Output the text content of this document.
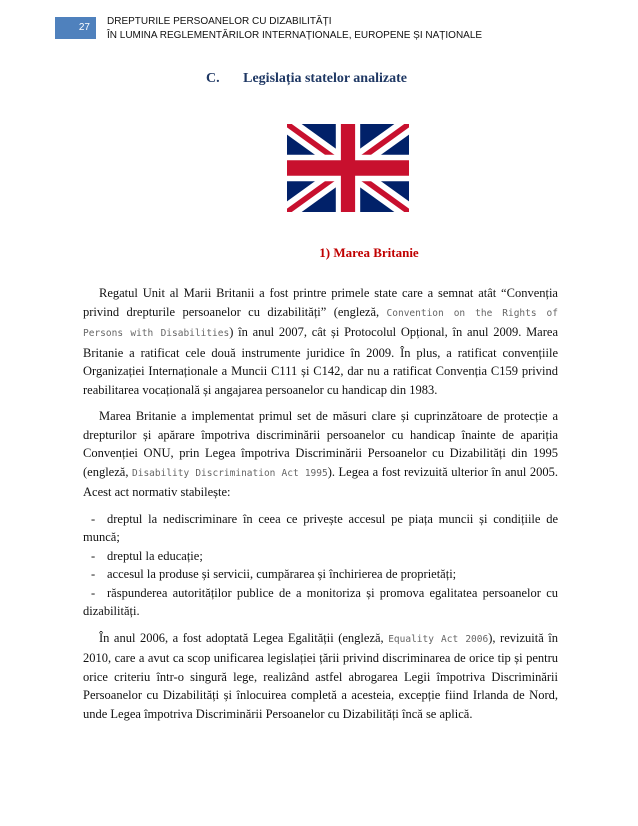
27
DREPTURILE PERSOANELOR CU DIZABILITĂȚI
ÎN LUMINA REGLEMENTĂRILOR INTERNAȚIONALE, EUROPENE ȘI NAȚIONALE
C. Legislația statelor analizate
1) Marea Britanie

Regatul Unit al Marii Britanii a fost printre primele state care a semnat atât “Convenția privind drepturile persoanelor cu dizabilități” (engleză, Convention on the Rights of Persons with Disabilities) în anul 2007, cât și Protocolul Opțional, în anul 2009. Marea Britanie a ratificat cele două instrumente juridice în 2009. În plus, a ratificat convențiile Organizației Internaționale a Muncii C111 și C142, dar nu a ratificat Convenția C159 privind reabilitarea vocațională și angajarea persoanelor cu handicap din 1983.

Marea Britanie a implementat primul set de măsuri clare și cuprinzătoare de protecție a drepturilor și apărare împotriva discriminării persoanelor cu handicap înainte de apariția Convenției ONU, prin Legea împotriva Discriminării Persoanelor cu Dizabilități din 1995 (engleză, Disability Discrimination Act 1995). Legea a fost revizuită ulterior în anul 2005. Acest act normativ stabilește:

- dreptul la nediscriminare în ceea ce privește accesul pe piața muncii și condițiile de muncă;
- dreptul la educație;
- accesul la produse și servicii, cumpărarea și închirierea de proprietăți;
- răspunderea autorităților publice de a monitoriza și promova egalitatea persoanelor cu dizabilități.

În anul 2006, a fost adoptată Legea Egalității (engleză, Equality Act 2006), revizuită în 2010, care a avut ca scop unificarea legislației țării privind discriminarea de orice tip și pentru orice criteriu într-o singură lege, realizând astfel abrogarea Legii împotriva Discriminării Persoanelor cu Dizabilități și înlocuirea completă a acesteia, excepție fiind Irlanda de Nord, unde Legea împotriva Discriminării Persoanelor cu Dizabilități încă se aplică.
